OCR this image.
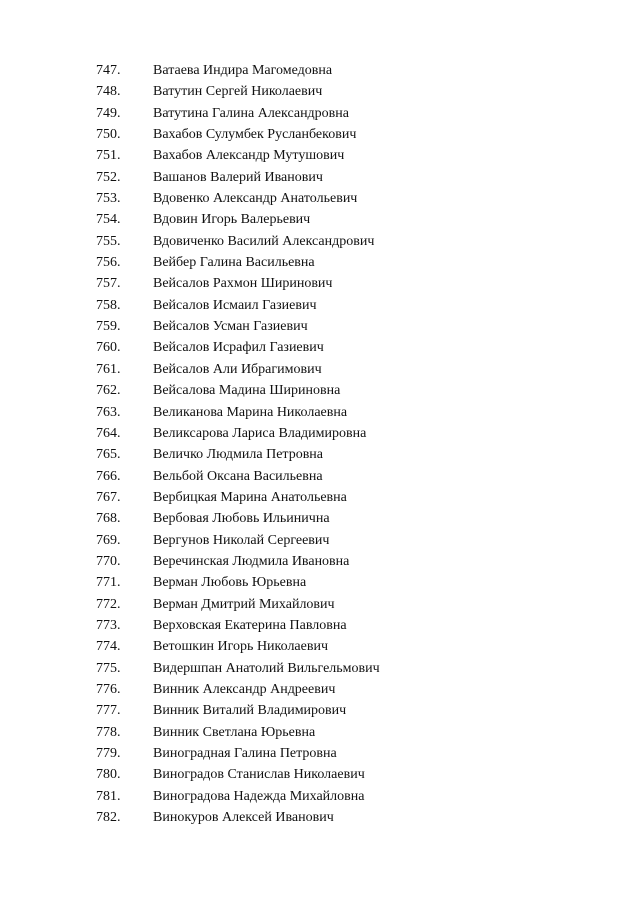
747.	Ватаева Индира Магомедовна
748.	Ватутин Сергей Николаевич
749.	Ватутина Галина Александровна
750.	Вахабов Сулумбек Русланбекович
751.	Вахабов Александр Мутушович
752.	Вашанов Валерий Иванович
753.	Вдовенко Александр Анатольевич
754.	Вдовин Игорь Валерьевич
755.	Вдовиченко Василий Александрович
756.	Вейбер Галина Васильевна
757.	Вейсалов Рахмон Ширинович
758.	Вейсалов Исмаил Газиевич
759.	Вейсалов Усман Газиевич
760.	Вейсалов Исрафил Газиевич
761.	Вейсалов Али Ибрагимович
762.	Вейсалова Мадина Шириновна
763.	Великанова Марина Николаевна
764.	Великсарова Лариса Владимировна
765.	Величко Людмила Петровна
766.	Вельбой Оксана Васильевна
767.	Вербицкая Марина Анатольевна
768.	Вербовая Любовь Ильинична
769.	Вергунов Николай Сергеевич
770.	Веречинская Людмила Ивановна
771.	Верман Любовь Юрьевна
772.	Верман Дмитрий Михайлович
773.	Верховская Екатерина Павловна
774.	Ветошкин Игорь Николаевич
775.	Видершпан Анатолий Вильгельмович
776.	Винник Александр Андреевич
777.	Винник Виталий Владимирович
778.	Винник Светлана Юрьевна
779.	Виноградная Галина Петровна
780.	Виноградов Станислав Николаевич
781.	Виноградова Надежда Михайловна
782.	Винокуров Алексей Иванович
